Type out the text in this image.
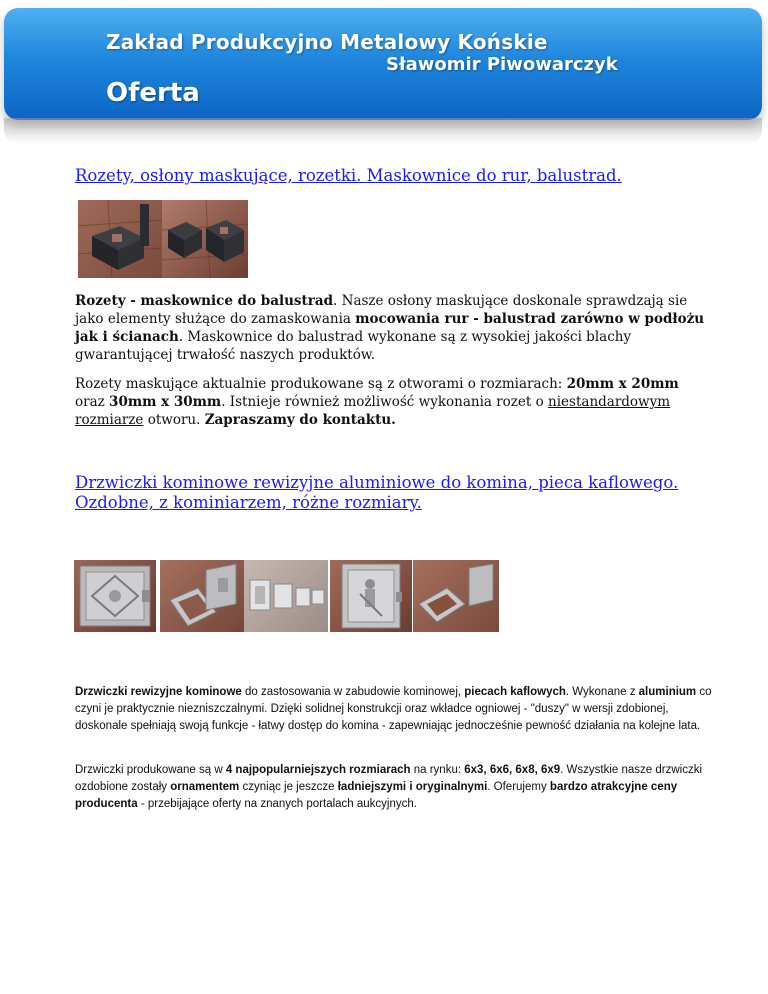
Zakład Produkcyjno Metalowy Końskie
Sławomir Piwowarczyk
Oferta
Rozety, osłony maskujące, rozetki. Maskownice do rur, balustrad.

Rozety - maskownice do balustrad. Nasze osłony maskujące doskonale sprawdzają sie jako elementy służące do zamaskowania mocowania rur - balustrad zarówno w podłożu jak i ścianach. Maskownice do balustrad wykonane są z wysokiej jakości blachy gwarantującej trwałość naszych produktów.

Rozety maskujące aktualnie produkowane są z otworami o rozmiarach: 20mm x 20mm oraz 30mm x 30mm. Istnieje również możliwość wykonania rozet o niestandardowym rozmiarze otworu. Zapraszamy do kontaktu.

Drzwiczki kominowe rewizyjne aluminiowe do komina, pieca kaflowego. Ozdobne, z kominiarzem, różne rozmiary.

Drzwiczki rewizyjne kominowe do zastosowania w zabudowie kominowej, piecach kaflowych. Wykonane z aluminium co czyni je praktycznie niezniszczalnymi. Dzięki solidnej konstrukcji oraz wkładce ogniowej - "duszy" w wersji zdobionej, doskonale spełniają swoją funkcje - łatwy dostęp do komina - zapewniając jednocześnie pewność działania na kolejne lata.

Drzwiczki produkowane są w 4 najpopularniejszych rozmiarach na rynku: 6x3, 6x6, 6x8, 6x9. Wszystkie nasze drzwiczki ozdobione zostały ornamentem czyniąc je jeszcze ładniejszymi i oryginalnymi. Oferujemy bardzo atrakcyjne ceny producenta - przebijające oferty na znanych portalach aukcyjnych.
